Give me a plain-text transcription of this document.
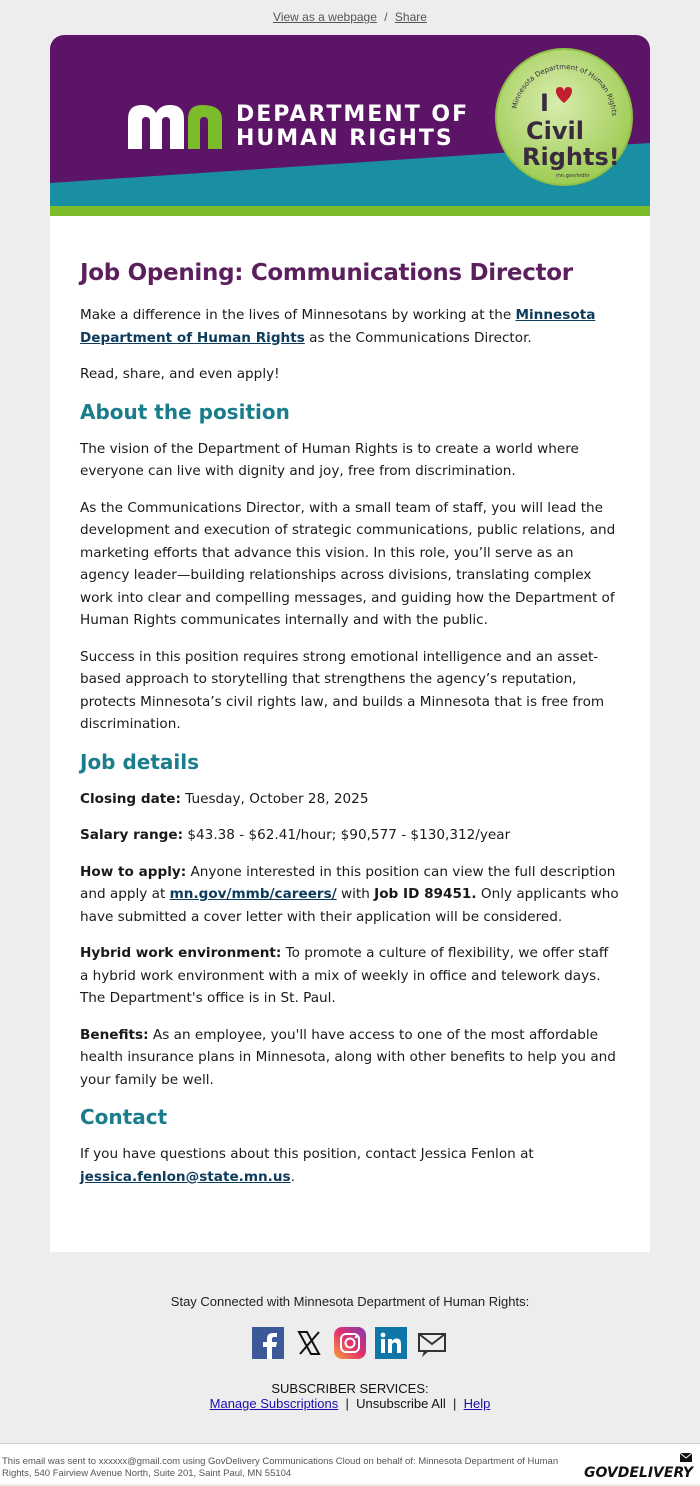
View as a webpage / Share
DEPARTMENT OF
HUMAN RIGHTS
Minnesota Department of Human Rights
I
Civil
Rights!
mn.gov/mdhr
Job Opening: Communications Director

Make a difference in the lives of Minnesotans by working at the Minnesota Department of Human Rights as the Communications Director.

Read, share, and even apply!

About the position

The vision of the Department of Human Rights is to create a world where everyone can live with dignity and joy, free from discrimination.

As the Communications Director, with a small team of staff, you will lead the development and execution of strategic communications, public relations, and marketing efforts that advance this vision. In this role, you’ll serve as an agency leader—building relationships across divisions, translating complex work into clear and compelling messages, and guiding how the Department of Human Rights communicates internally and with the public.

Success in this position requires strong emotional intelligence and an asset-based approach to storytelling that strengthens the agency’s reputation, protects Minnesota’s civil rights law, and builds a Minnesota that is free from discrimination.

Job details

Closing date: Tuesday, October 28, 2025

Salary range: $43.38 - $62.41/hour; $90,577 - $130,312/year

How to apply: Anyone interested in this position can view the full description and apply at mn.gov/mmb/careers/ with Job ID 89451. Only applicants who have submitted a cover letter with their application will be considered.

Hybrid work environment: To promote a culture of flexibility, we offer staff a hybrid work environment with a mix of weekly in office and telework days. The Department's office is in St. Paul.

Benefits: As an employee, you'll have access to one of the most affordable health insurance plans in Minnesota, along with other benefits to help you and your family be well.

Contact

If you have questions about this position, contact Jessica Fenlon at jessica.fenlon@state.mn.us.

Stay Connected with Minnesota Department of Human Rights:
SUBSCRIBER SERVICES:
Manage Subscriptions | Unsubscribe All | Help
This email was sent to xxxxxx@gmail.com using GovDelivery Communications Cloud on behalf of: Minnesota Department of Human Rights, 540 Fairview Avenue North, Suite 201, Saint Paul, MN 55104	GOVDELIVERY
